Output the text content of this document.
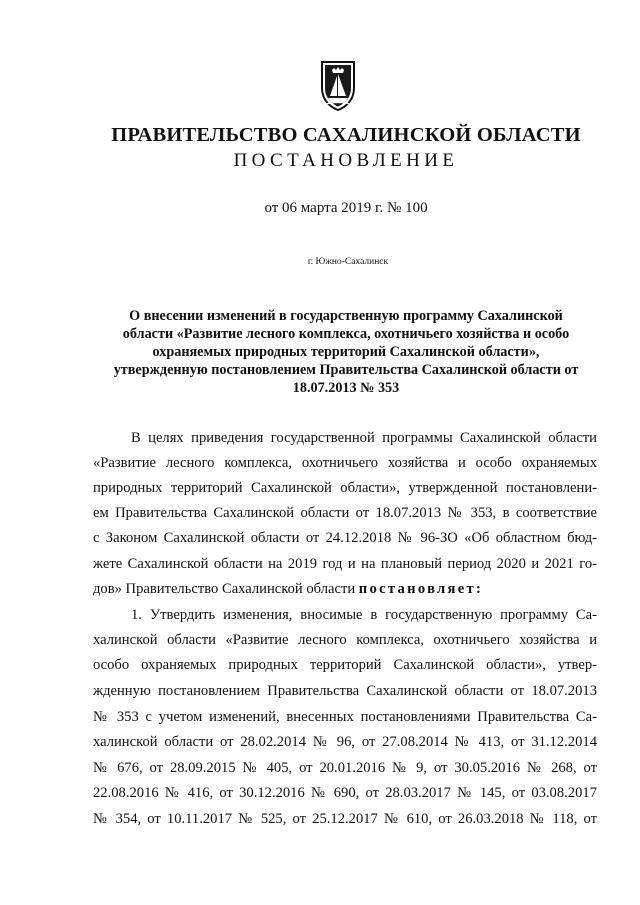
ПРАВИТЕЛЬСТВО САХАЛИНСКОЙ ОБЛАСТИ
ПОСТАНОВЛЕНИЕ
от 06 марта 2019 г. № 100
г. Южно-Сахалинск
О внесении изменений в государственную программу Сахалинской
области «Развитие лесного комплекса, охотничьего хозяйства и особо
охраняемых природных территорий Сахалинской области»,
утвержденную постановлением Правительства Сахалинской области от
18.07.2013 № 353
В целях приведения государственной программы Сахалинской области
«Развитие лесного комплекса, охотничьего хозяйства и особо охраняемых
природных территорий Сахалинской области», утвержденной постановлени-
ем Правительства Сахалинской области от 18.07.2013 № 353, в соответствие
с Законом Сахалинской области от 24.12.2018 № 96-ЗО «Об областном бюд-
жете Сахалинской области на 2019 год и на плановый период 2020 и 2021 го-
дов» Правительство Сахалинской области постановляет:
1. Утвердить изменения, вносимые в государственную программу Са-
халинской области «Развитие лесного комплекса, охотничьего хозяйства и
особо охраняемых природных территорий Сахалинской области», утвер-
жденную постановлением Правительства Сахалинской области от 18.07.2013
№ 353 с учетом изменений, внесенных постановлениями Правительства Са-
халинской области от 28.02.2014 № 96, от 27.08.2014 № 413, от 31.12.2014
№ 676, от 28.09.2015 № 405, от 20.01.2016 № 9, от 30.05.2016 № 268, от
22.08.2016 № 416, от 30.12.2016 № 690, от 28.03.2017 № 145, от 03.08.2017
№ 354, от 10.11.2017 № 525, от 25.12.2017 № 610, от 26.03.2018 № 118, от
